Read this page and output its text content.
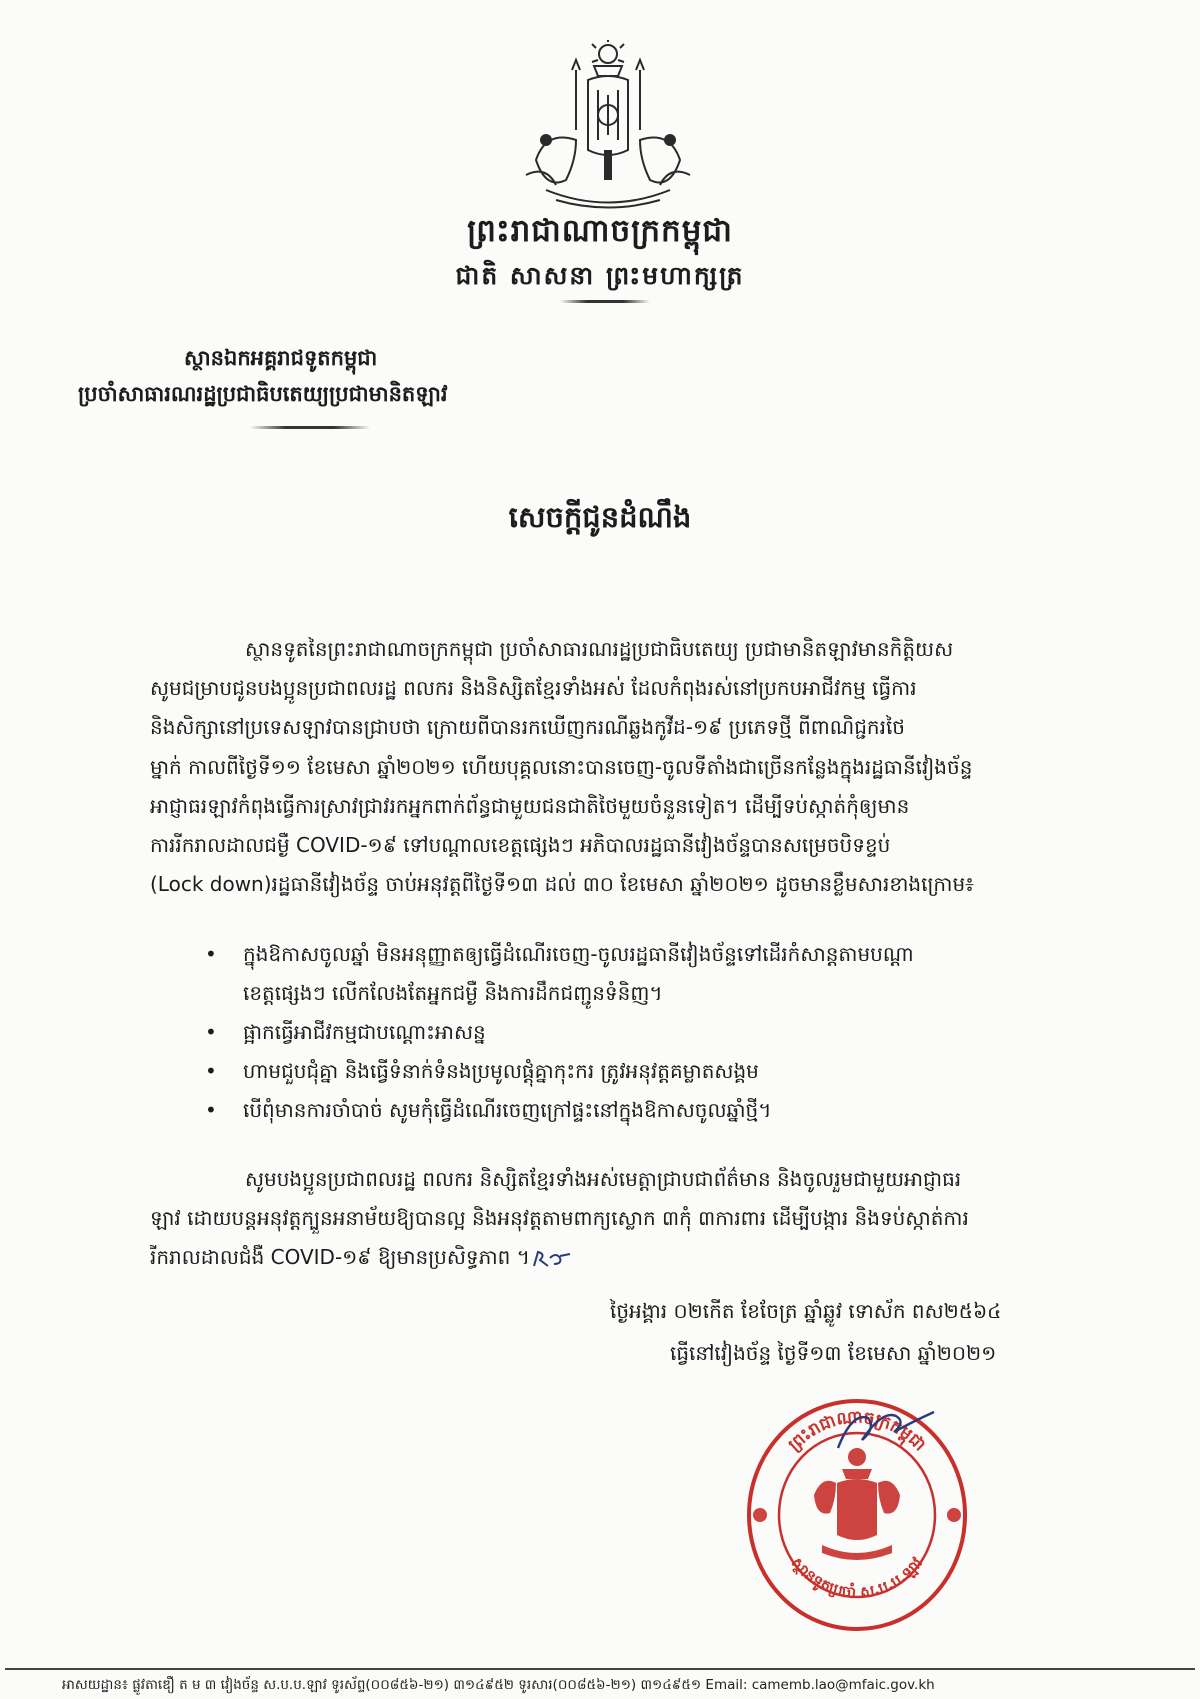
ព្រះរាជាណាចក្រកម្ពុជា
ជាតិ សាសនា ព្រះមហាក្សត្រ
ស្ថានឯកអគ្គរាជទូតកម្ពុជា
ប្រចាំសាធារណរដ្ឋប្រជាធិបតេយ្យប្រជាមានិតឡាវ
សេចក្តីជូនដំណឹង
ស្ថានទូតនៃព្រះរាជាណាចក្រកម្ពុជា ប្រចាំសាធារណរដ្ឋប្រជាធិបតេយ្យ ប្រជាមានិតឡាវមានកិត្តិយស
សូមជម្រាបជូនបងប្អូនប្រជាពលរដ្ឋ ពលករ និងនិស្សិតខ្មែរទាំងអស់ ដែលកំពុងរស់នៅប្រកបអាជីវកម្ម ធ្វើការ
និងសិក្សានៅប្រទេសឡាវបានជ្រាបថា ក្រោយពីបានរកឃើញករណីឆ្លងកូវីដ-១៩ ប្រភេទថ្មី ពីពាណិជ្ជករថៃ
ម្នាក់ កាលពីថ្ងៃទី១១ ខែមេសា ឆ្នាំ២០២១ ហើយបុគ្គលនោះបានចេញ-ចូលទីតាំងជាច្រើនកន្លែងក្នុងរដ្ឋធានីវៀងច័ន្ទ
អាជ្ញាធរឡាវកំពុងធ្វើការស្រាវជ្រាវរកអ្នកពាក់ព័ន្ធជាមួយជនជាតិថៃមួយចំនួនទៀត។ ដើម្បីទប់ស្កាត់កុំឲ្យមាន
ការរីករាលដាលជម្ងឺ COVID-១៩ ទៅបណ្តាលខេត្តផ្សេងៗ អភិបាលរដ្ឋធានីវៀងច័ន្ទបានសម្រេចបិទខ្ទប់
(Lock down)រដ្ឋធានីវៀងច័ន្ទ ចាប់អនុវត្តពីថ្ងៃទី១៣ ដល់ ៣០ ខែមេសា ឆ្នាំ២០២១ ដូចមានខ្លឹមសារខាងក្រោម៖
• ក្នុងឱកាសចូលឆ្នាំ មិនអនុញ្ញាតឲ្យធ្វើដំណើរចេញ-ចូលរដ្ឋធានីវៀងច័ន្ទទៅដើរកំសាន្តតាមបណ្តា
ខេត្តផ្សេងៗ លើកលែងតែអ្នកជម្ងឺ និងការដឹកជញ្ជូនទំនិញ។
• ផ្អាកធ្វើអាជីវកម្មជាបណ្តោះអាសន្ន
• ហាមជួបជុំគ្នា និងធ្វើទំនាក់ទំនងប្រមូលផ្តុំគ្នាកុះករ ត្រូវអនុវត្តគម្លាតសង្គម
• បើពុំមានការចាំបាច់ សូមកុំធ្វើដំណើរចេញក្រៅផ្ទះនៅក្នុងឱកាសចូលឆ្នាំថ្មី។
សូមបងប្អូនប្រជាពលរដ្ឋ ពលករ និស្សិតខ្មែរទាំងអស់មេត្តាជ្រាបជាព័ត៌មាន និងចូលរួមជាមួយអាជ្ញាធរ
ឡាវ ដោយបន្តអនុវត្តក្បួនអនាម័យឱ្យបានល្អ និងអនុវត្តតាមពាក្យស្លោក ៣កុំ ៣ការពារ ដើម្បីបង្ការ និងទប់ស្កាត់ការ
រីករាលដាលជំងឺ COVID-១៩ ឱ្យមានប្រសិទ្ធភាព ។
ថ្ងៃអង្គារ ០២កើត ខែចែត្រ ឆ្នាំឆ្លូវ ទោស័ក ពស២៥៦៤
ធ្វើនៅវៀងច័ន្ទ ថ្ងៃទី១៣ ខែមេសា ឆ្នាំ២០២១
ព្រះរាជាណាចក្រកម្ពុជា
ស្ថានទូតប្រចាំ ស.ប.ប.ឡាវ
អាសយដ្ឋាន៖ ផ្លូវតាឌឿ ត ម ៣ វៀងច័ន្ទ ស.ប.ប.ឡាវ ទូរស័ព្ទ(០០៨៥៦-២១) ៣១៤៩៥២ ទូរសារ(០០៨៥៦-២១) ៣១៤៩៥១ Email: camemb.lao@mfaic.gov.kh
